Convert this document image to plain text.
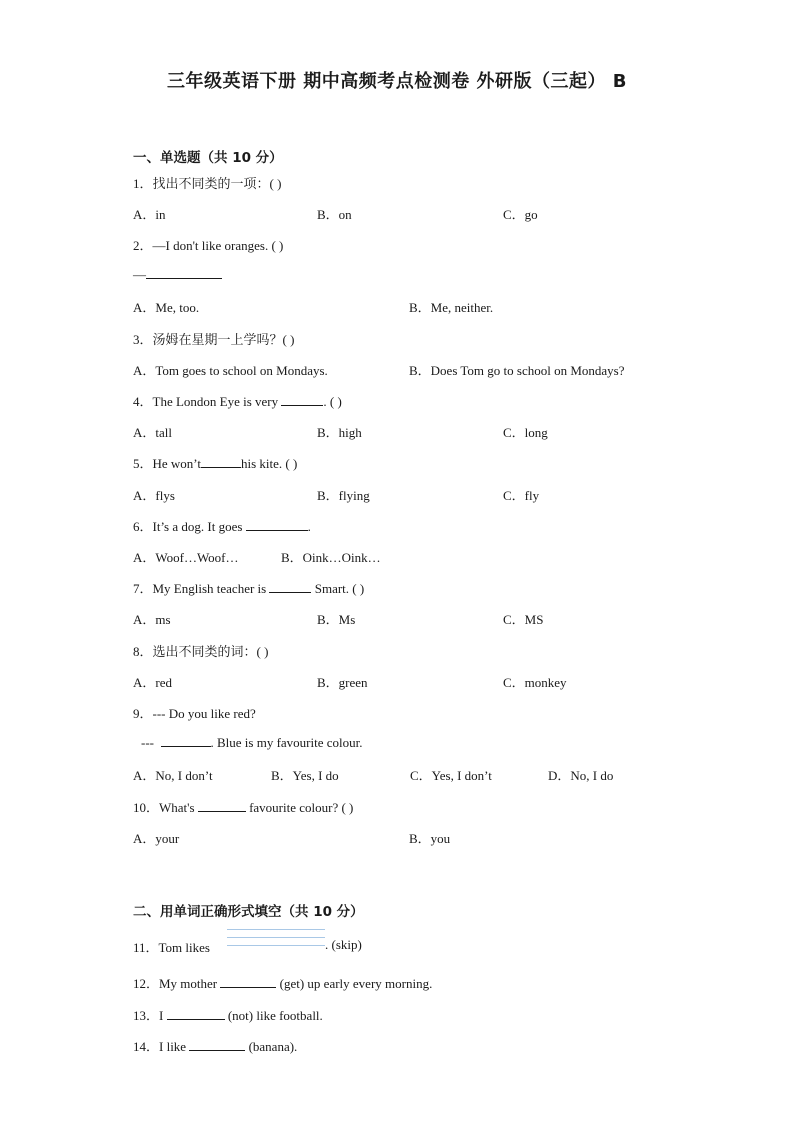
三年级英语下册 期中高频考点检测卷 外研版（三起） B
一、单选题（共 10 分）
1．找出不同类的一项：( )
A．in	B．on	C．go
2．—I don't like oranges. ( )
—
A．Me, too.	B．Me, neither.
3．汤姆在星期一上学吗？( )
A．Tom goes to school on Mondays.	B．Does Tom go to school on Mondays?
4．The London Eye is very	. ( )
A．tall	B．high	C．long
5．He won’t	his kite. ( )
A．flys	B．flying	C．fly
6．It’s a dog. It goes	.
A．Woof…Woof…	B．Oink…Oink…
7．My English teacher is	Smart. ( )
A．ms	B．Ms	C．MS
8．选出不同类的词：( )
A．red	B．green	C．monkey
9．--- Do you like red?
---	. Blue is my favourite colour.
A．No, I don’t	B．Yes, I do	C．Yes, I don’t	D．No, I do
10．What's	favourite colour? ( )
A．your	B．you
二、用单词正确形式填空（共 10 分）
11．Tom likes	. (skip)
12．My mother	(get) up early every morning.
13．I	(not) like football.
14．I like	(banana).
